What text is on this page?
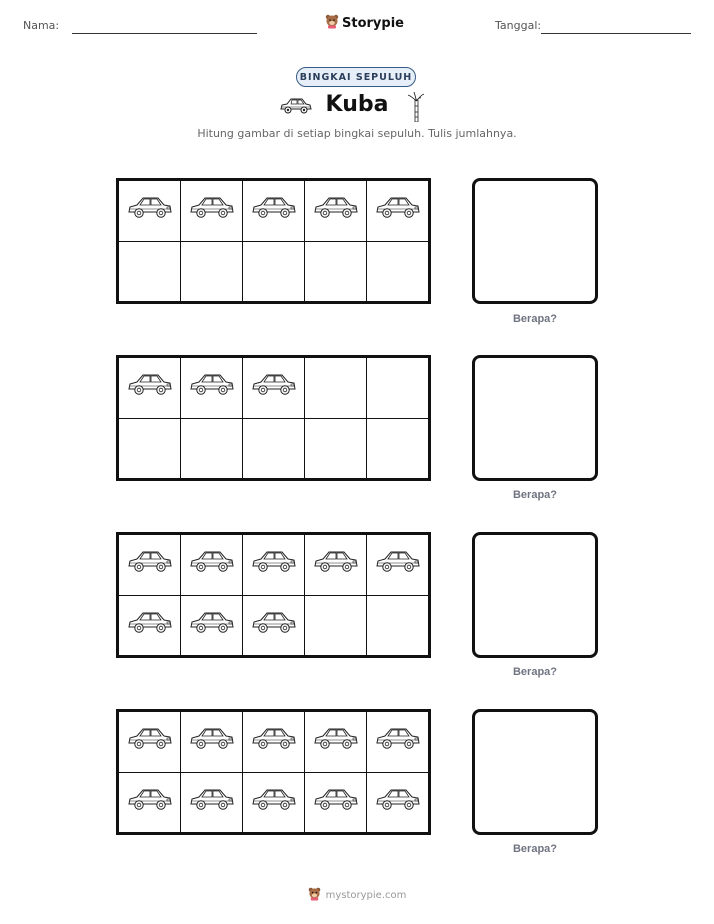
Nama:	Storypie	Tanggal:
BINGKAI SEPULUH
Kuba
Hitung gambar di setiap bingkai sepuluh. Tulis jumlahnya.
Berapa?
Berapa?
Berapa?
Berapa?
mystorypie.com
